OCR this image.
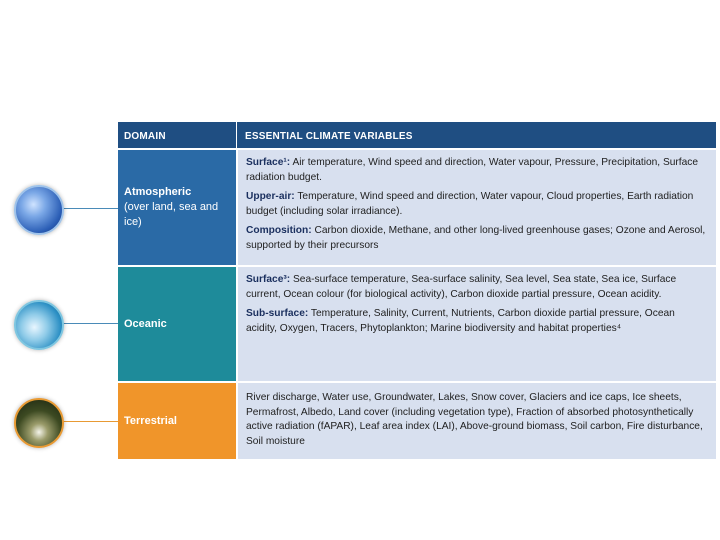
DOMAIN	ESSENTIAL CLIMATE VARIABLES
Atmospheric
(over land, sea and ice)

Surface¹: Air temperature, Wind speed and direction, Water vapour, Pressure, Precipitation, Surface radiation budget.

Upper-air: Temperature, Wind speed and direction, Water vapour, Cloud properties, Earth radiation budget (including solar irradiance).

Composition: Carbon dioxide, Methane, and other long-lived greenhouse gases; Ozone and Aerosol, supported by their precursors

Oceanic

Surface³: Sea-surface temperature, Sea-surface salinity, Sea level, Sea state, Sea ice, Surface current, Ocean colour (for biological activity), Carbon dioxide partial pressure, Ocean acidity.

Sub-surface: Temperature, Salinity, Current, Nutrients, Carbon dioxide partial pressure, Ocean acidity, Oxygen, Tracers, Phytoplankton; Marine biodiversity and habitat properties⁴

Terrestrial

River discharge, Water use, Groundwater, Lakes, Snow cover, Glaciers and ice caps, Ice sheets, Permafrost, Albedo, Land cover (including vegetation type), Fraction of absorbed photosynthetically active radiation (fAPAR), Leaf area index (LAI), Above-ground biomass, Soil carbon, Fire disturbance, Soil moisture
